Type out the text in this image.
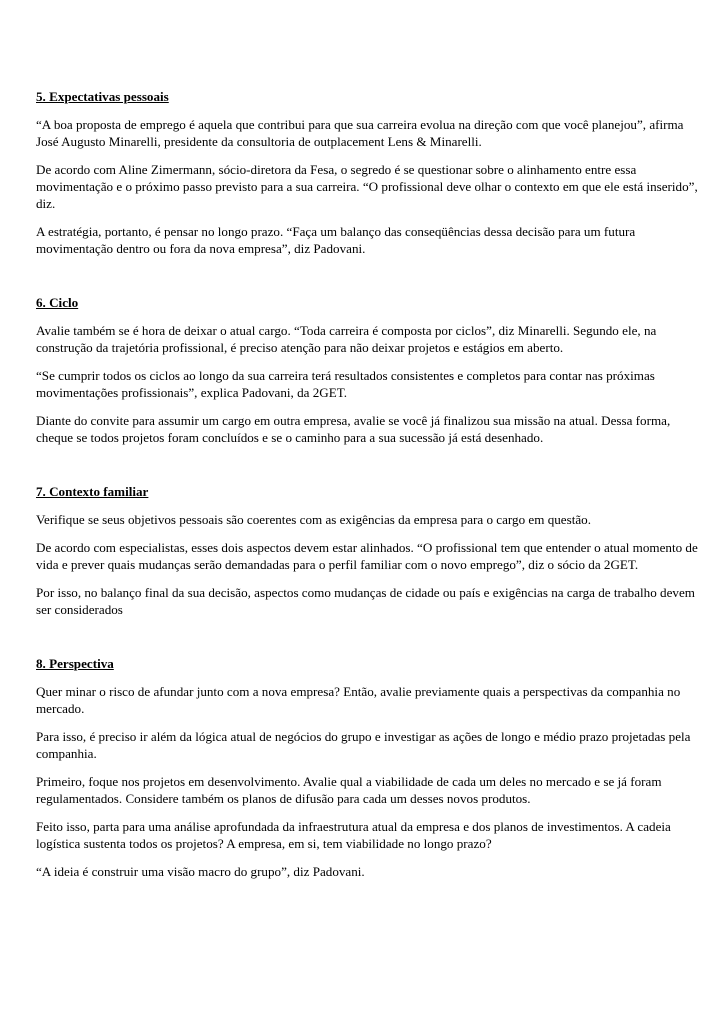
5. Expectativas pessoais

“A boa proposta de emprego é aquela que contribui para que sua carreira evolua na direção com que você planejou”, afirma José Augusto Minarelli, presidente da consultoria de outplacement Lens & Minarelli.

De acordo com Aline Zimermann, sócio-diretora da Fesa, o segredo é se questionar sobre o alinhamento entre essa movimentação e o próximo passo previsto para a sua carreira. “O profissional deve olhar o contexto em que ele está inserido”, diz.

A estratégia, portanto, é pensar no longo prazo. “Faça um balanço das conseqüências dessa decisão para um futura movimentação dentro ou fora da nova empresa”, diz Padovani.

6. Ciclo

Avalie também se é hora de deixar o atual cargo. “Toda carreira é composta por ciclos”, diz Minarelli. Segundo ele, na construção da trajetória profissional, é preciso atenção para não deixar projetos e estágios em aberto.

“Se cumprir todos os ciclos ao longo da sua carreira terá resultados consistentes e completos para contar nas próximas movimentações profissionais”, explica Padovani, da 2GET.

Diante do convite para assumir um cargo em outra empresa, avalie se você já finalizou sua missão na atual. Dessa forma, cheque se todos projetos foram concluídos e se o caminho para a sua sucessão já está desenhado.

7. Contexto familiar

Verifique se seus objetivos pessoais são coerentes com as exigências da empresa para o cargo em questão.

De acordo com especialistas, esses dois aspectos devem estar alinhados. “O profissional tem que entender o atual momento de vida e prever quais mudanças serão demandadas para o perfil familiar com o novo emprego”, diz o sócio da 2GET.

Por isso, no balanço final da sua decisão, aspectos como mudanças de cidade ou país e exigências na carga de trabalho devem ser considerados

8. Perspectiva

Quer minar o risco de afundar junto com a nova empresa? Então, avalie previamente quais a perspectivas da companhia no mercado.

Para isso, é preciso ir além da lógica atual de negócios do grupo e investigar as ações de longo e médio prazo projetadas pela companhia.

Primeiro, foque nos projetos em desenvolvimento. Avalie qual a viabilidade de cada um deles no mercado e se já foram regulamentados. Considere também os planos de difusão para cada um desses novos produtos.

Feito isso, parta para uma análise aprofundada da infraestrutura atual da empresa e dos planos de investimentos. A cadeia logística sustenta todos os projetos? A empresa, em si, tem viabilidade no longo prazo?

“A ideia é construir uma visão macro do grupo”, diz Padovani.
